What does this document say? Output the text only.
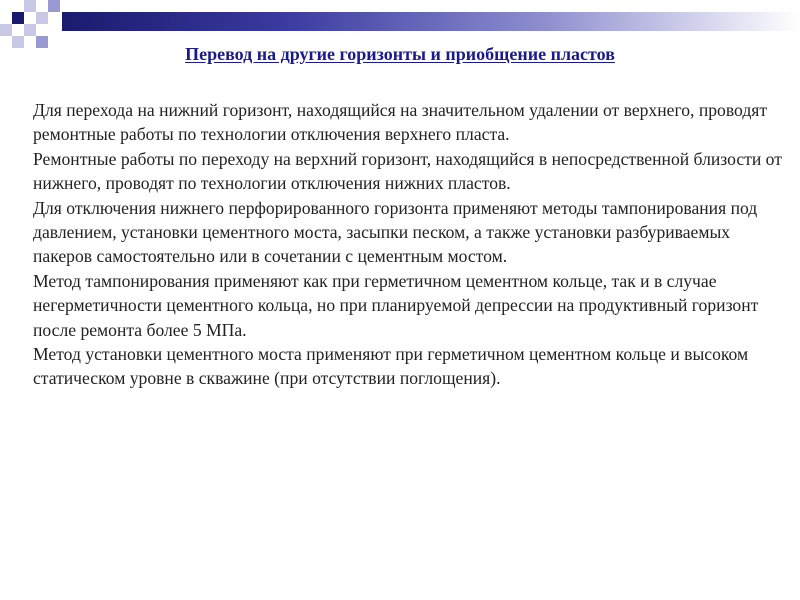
Перевод на другие горизонты и приобщение пластов

Для перехода на нижний горизонт, находящийся на значительном удалении от верхнего, проводят ремонтные работы по технологии отключения верхнего пласта.

Ремонтные работы по переходу на верхний горизонт, находящийся в непосредственной близости от нижнего, проводят по технологии отключения нижних пластов.

Для отключения нижнего перфорированного горизонта применяют методы тампонирования под давлением, установки цементного моста, засыпки песком, а также установки разбуриваемых пакеров самостоятельно или в сочетании с цементным мостом.

Метод тампонирования применяют как при герметичном цементном кольце, так и в случае негерметичности цементного кольца, но при планируемой депрессии на продуктивный горизонт после ремонта более 5 МПа.

Метод установки цементного моста применяют при герметичном цементном кольце и высоком статическом уровне в скважине (при отсутствии поглощения).
